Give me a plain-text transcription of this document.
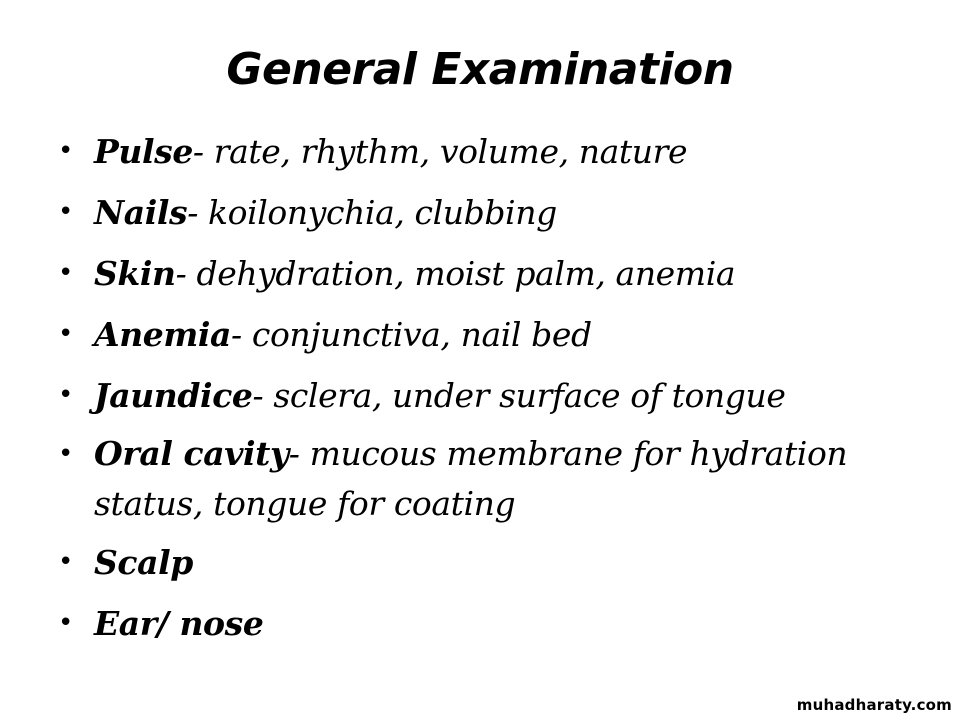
General Examination
• Pulse- rate, rhythm, volume, nature
• Nails- koilonychia, clubbing
• Skin- dehydration, moist palm, anemia
• Anemia- conjunctiva, nail bed
• Jaundice- sclera, under surface of tongue
• Oral cavity- mucous membrane for hydration status, tongue for coating
• Scalp
• Ear/ nose
muhadharaty.com
